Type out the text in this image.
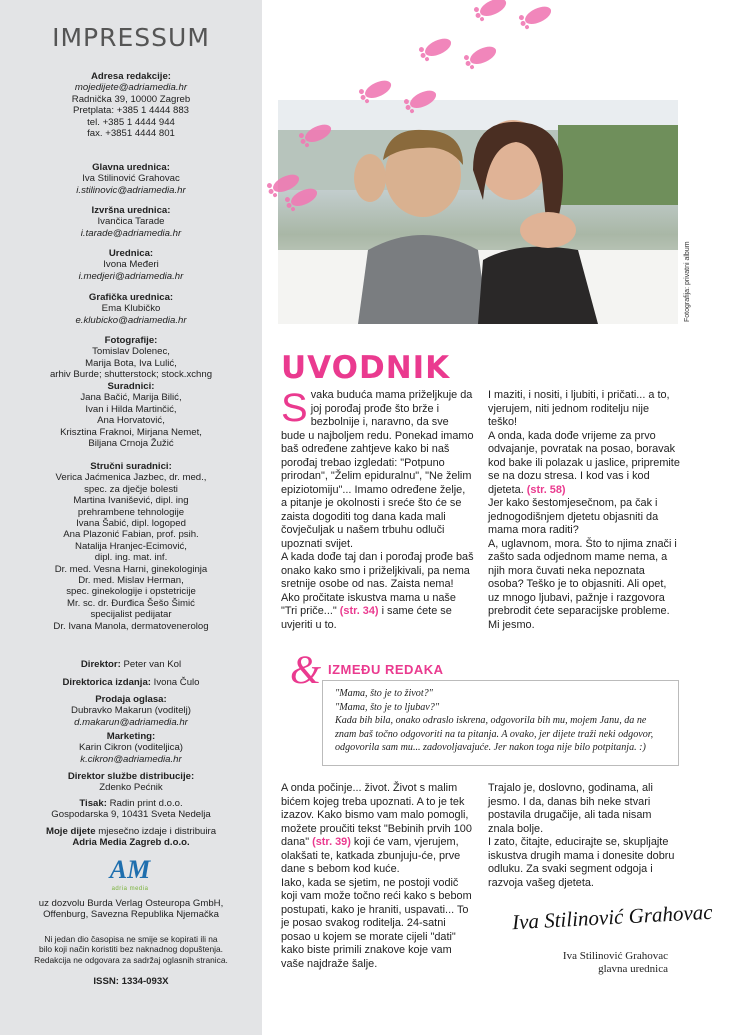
IMPRESSUM
Adresa redakcije:
mojedijete@adriamedia.hr
Radnička 39, 10000 Zagreb
Pretplata: +385 1 4444 883
tel. +385 1 4444 944
fax. +3851 4444 801
Glavna urednica:
Iva Stilinović Grahovac
i.stilinovic@adriamedia.hr
Izvršna urednica:
Ivančica Tarade
i.tarade@adriamedia.hr
Urednica:
Ivona Međeri
i.medjeri@adriamedia.hr
Grafička urednica:
Ema Klubičko
e.klubicko@adriamedia.hr
Fotografije:
Tomislav Dolenec,
Marija Bota, Iva Lulić,
arhiv Burde; shutterstock; stock.xchng
Suradnici:
Jana Bačić, Marija Bilić,
Ivan i Hilda Martinčić,
Ana Horvatović,
Krisztina Fraknoi, Mirjana Nemet,
Biljana Crnoja Žužić
Stručni suradnici:
Verica Jaćmenica Jazbec, dr. med.,
spec. za dječje bolesti
Martina Ivanišević, dipl. ing
prehrambene tehnologije
Ivana Šabić, dipl. logoped
Ana Plazonić Fabian, prof. psih.
Natalija Hranjec-Ecimović,
dipl. ing. mat. inf.
Dr. med. Vesna Harni, ginekologinja
Dr. med. Mislav Herman,
spec. ginekologije i opstetricije
Mr. sc. dr. Đurđica Šešo Šimić
specijalist pedijatar
Dr. Ivana Manola, dermatovenerolog
Direktor: Peter van Kol
Direktorica izdanja: Ivona Čulo
Prodaja oglasa:
Dubravko Makarun (voditelj)
d.makarun@adriamedia.hr
Marketing:
Karin Cikron (voditeljica)
k.cikron@adriamedia.hr
Direktor službe distribucije:
Zdenko Pećnik
Tisak: Radin print d.o.o.
Gospodarska 9, 10431 Sveta Nedelja
Moje dijete mjesečno izdaje i distribuira
Adria Media Zagreb d.o.o.
AM
adria media
uz dozvolu Burda Verlag Osteuropa GmbH,
Offenburg, Savezna Republika Njemačka
Ni jedan dio časopisa ne smije se kopirati ili na
bilo koji način koristiti bez naknadnog dopuštenja.
Redakcija ne odgovara za sadržaj oglasnih stranica.
ISSN: 1334-093X
Fotografija: privatni album
UVODNIK
S vaka buduća mama priželjkuje da joj porođaj prođe što brže i bezbolnije i, naravno, da sve bude u najboljem redu. Ponekad imamo baš određene zahtjeve kako bi naš porođaj trebao izgledati: "Potpuno prirodan", "Želim epiduralnu", "Ne želim epiziotomiju"... Imamo određene želje, a pitanje je okolnosti i sreće što će se zaista dogoditi tog dana kada mali čovječuljak u našem trbuhu odluči upoznati svijet.

A kada dođe taj dan i porođaj prođe baš onako kako smo i priželjkivali, pa nema sretnije osobe od nas. Zaista nema! Ako pročitate iskustva mama u naše "Tri priče..." (str. 34) i same ćete se uvjeriti u to.

I maziti, i nositi, i ljubiti, i pričati... a to, vjerujem, niti jednom roditelju nije teško!

A onda, kada dođe vrijeme za prvo odvajanje, povratak na posao, boravak kod bake ili polazak u jaslice, pripremite se na dozu stresa. I kod vas i kod djeteta. (str. 58)

Jer kako šestomjesečnom, pa čak i jednogodišnjem djetetu objasniti da mama mora raditi?

A, uglavnom, mora. Što to njima znači i zašto sada odjednom mame nema, a njih mora čuvati neka nepoznata osoba? Teško je to objasniti. Ali opet, uz mnogo ljubavi, pažnje i razgovora prebrodit ćete separacijske probleme. Mi jesmo.

& IZMEĐU REDAKA
"Mama, što je to život?"
"Mama, što je to ljubav?"
Kada bih bila, onako odraslo iskrena, odgovorila bih mu, mojem Janu, da ne znam baš točno odgovoriti na ta pitanja. A ovako, jer dijete traži neki odgovor, odgovorila sam mu... zadovoljavajuće. Jer nakon toga nije bilo potpitanja. :)

A onda počinje... život. Život s malim bićem kojeg treba upoznati. A to je tek izazov. Kako bismo vam malo pomogli, možete proučiti tekst "Bebinih prvih 100 dana" (str. 39) koji će vam, vjerujem, olakšati te, katkada zbunjuju-će, prve dane s bebom kod kuće.

Iako, kada se sjetim, ne postoji vodič koji vam može točno reći kako s bebom postupati, kako je hraniti, uspavati... To je posao svakog roditelja. 24-satni posao u kojem se morate cijeli "dati" kako biste primili znakove koje vam vaše najdraže šalje.

Trajalo je, doslovno, godinama, ali jesmo. I da, danas bih neke stvari postavila drugačije, ali tada nisam znala bolje.

I zato, čitajte, educirajte se, skupljajte iskustva drugih mama i donesite dobru odluku. Za svaki segment odgoja i razvoja vašeg djeteta.

Iva Stilinović Grahovac
Iva Stilinović Grahovac
glavna urednica
